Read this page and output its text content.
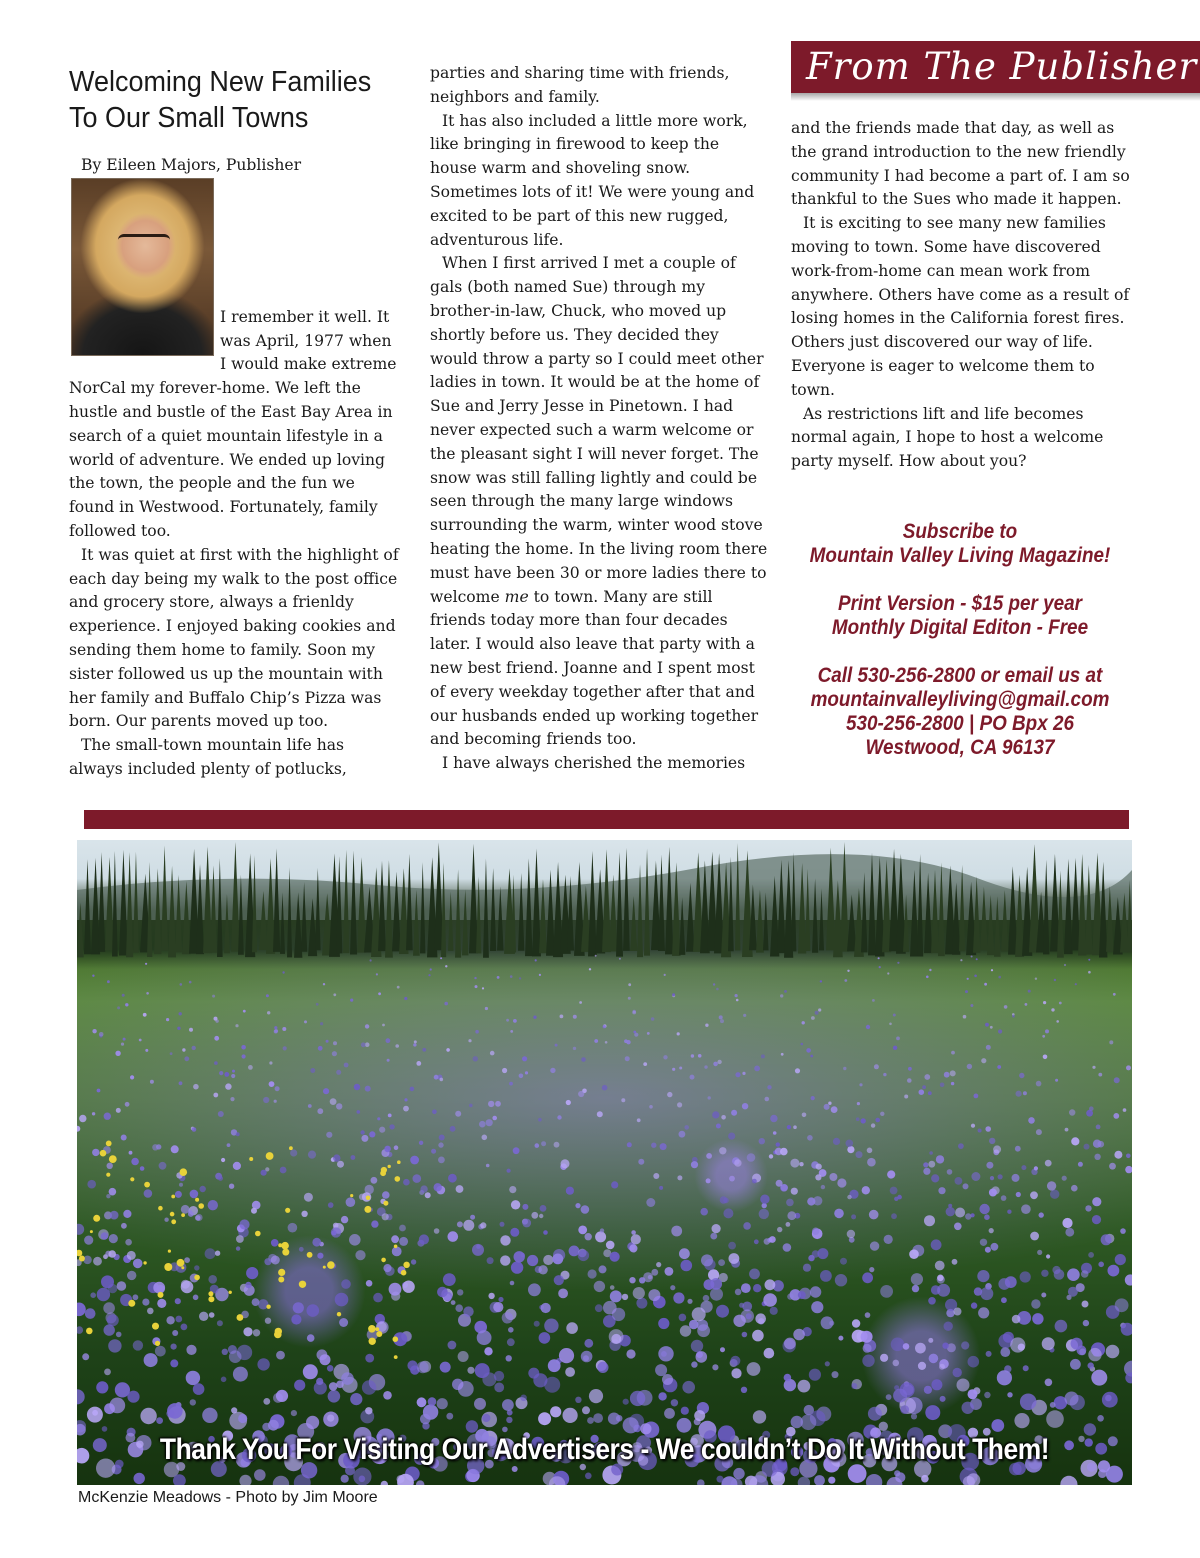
Welcoming New Families
To Our Small Towns

By Eileen Majors, Publisher

I remember it well. It was April, 1977 when I would make extreme NorCal my forever-home. We left the hustle and bustle of the East Bay Area in search of a quiet mountain lifestyle in a world of adventure. We ended up loving the town, the people and the fun we found in Westwood. Fortunately, family followed too.

It was quiet at first with the highlight of each day being my walk to the post office and grocery store, always a frienldy experience. I enjoyed baking cookies and sending them home to family. Soon my sister followed us up the mountain with her family and Buffalo Chip’s Pizza was born. Our parents moved up too.

The small-town mountain life has always included plenty of potlucks,

parties and sharing time with friends, neighbors and family.

It has also included a little more work, like bringing in firewood to keep the house warm and shoveling snow. Sometimes lots of it! We were young and excited to be part of this new rugged, adventurous life.

When I first arrived I met a couple of gals (both named Sue) through my brother-in-law, Chuck, who moved up shortly before us. They decided they would throw a party so I could meet other ladies in town. It would be at the home of Sue and Jerry Jesse in Pinetown. I had never expected such a warm welcome or the pleasant sight I will never forget. The snow was still falling lightly and could be seen through the many large windows surrounding the warm, winter wood stove heating the home. In the living room there must have been 30 or more ladies there to welcome me to town. Many are still friends today more than four decades later. I would also leave that party with a new best friend. Joanne and I spent most of every weekday together after that and our husbands ended up working together and becoming friends too.

I have always cherished the memories

From The Publisher

and the friends made that day, as well as the grand introduction to the new friendly community I had become a part of. I am so thankful to the Sues who made it happen.

It is exciting to see many new families moving to town. Some have discovered work-from-home can mean work from anywhere. Others have come as a result of losing homes in the California forest fires. Others just discovered our way of life. Everyone is eager to welcome them to town.

As restrictions lift and life becomes normal again, I hope to host a welcome party myself. How about you?

Subscribe to
Mountain Valley Living Magazine!
Print Version - $15 per year
Monthly Digital Editon - Free
Call 530-256-2800 or email us at
mountainvalleyliving@gmail.com
530-256-2800 | PO Bpx 26
Westwood, CA 96137
Thank You For Visiting Our Advertisers - We couldn’t Do It Without Them!
McKenzie Meadows - Photo by Jim Moore
